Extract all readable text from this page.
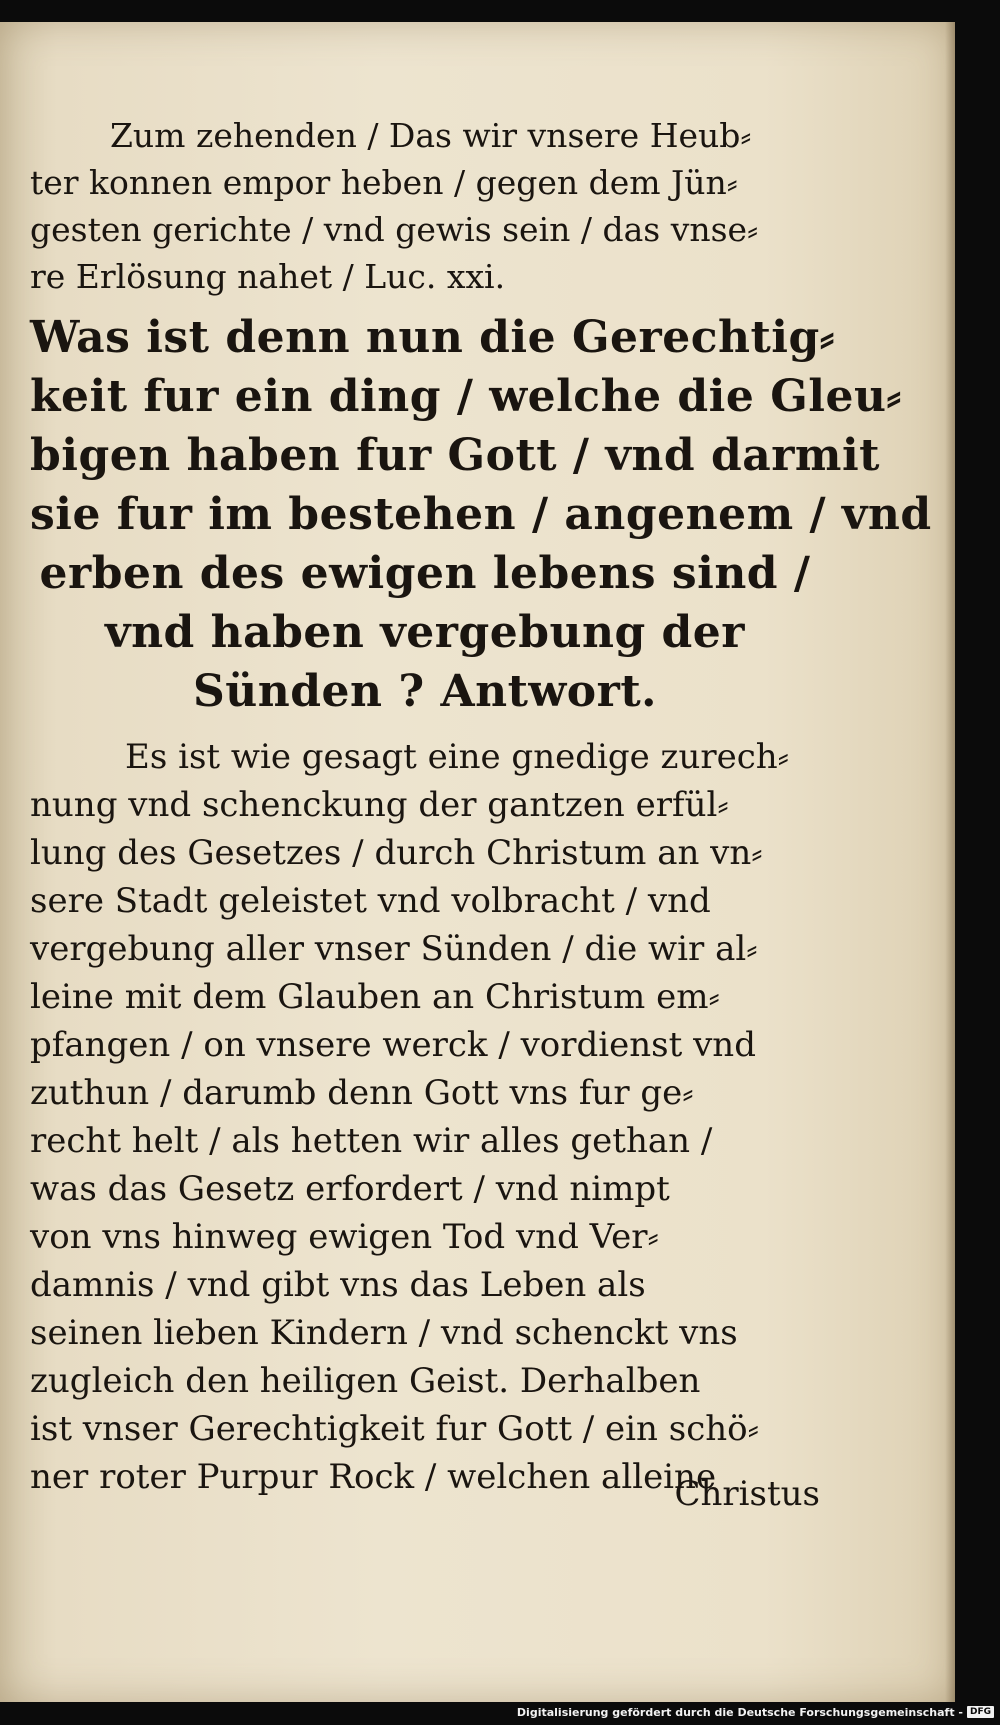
Zum zehenden / Das wir vnsere Heub⸗
ter konnen empor heben / gegen dem Jün⸗
gesten gerichte / vnd gewis sein / das vnse⸗
re Erlösung nahet / Luc. xxi.
Was ist denn nun die Gerechtig⸗
keit fur ein ding / welche die Gleu⸗
bigen haben fur Gott / vnd darmit
sie fur im bestehen / angenem / vnd
erben des ewigen lebens sind /
vnd haben vergebung der
Sünden ? Antwort.
Es ist wie gesagt eine gnedige zurech⸗
nung vnd schenckung der gantzen erfül⸗
lung des Gesetzes / durch Christum an vn⸗
sere Stadt geleistet vnd volbracht / vnd
vergebung aller vnser Sünden / die wir al⸗
leine mit dem Glauben an Christum em⸗
pfangen / on vnsere werck / vordienst vnd
zuthun / darumb denn Gott vns fur ge⸗
recht helt / als hetten wir alles gethan /
was das Gesetz erfordert / vnd nimpt
von vns hinweg ewigen Tod vnd Ver⸗
damnis / vnd gibt vns das Leben als
seinen lieben Kindern / vnd schenckt vns
zugleich den heiligen Geist. Derhalben
ist vnser Gerechtigkeit fur Gott / ein schö⸗
ner roter Purpur Rock / welchen alleine
Christus
Digitalisierung gefördert durch die Deutsche Forschungsgemeinschaft - DFG
